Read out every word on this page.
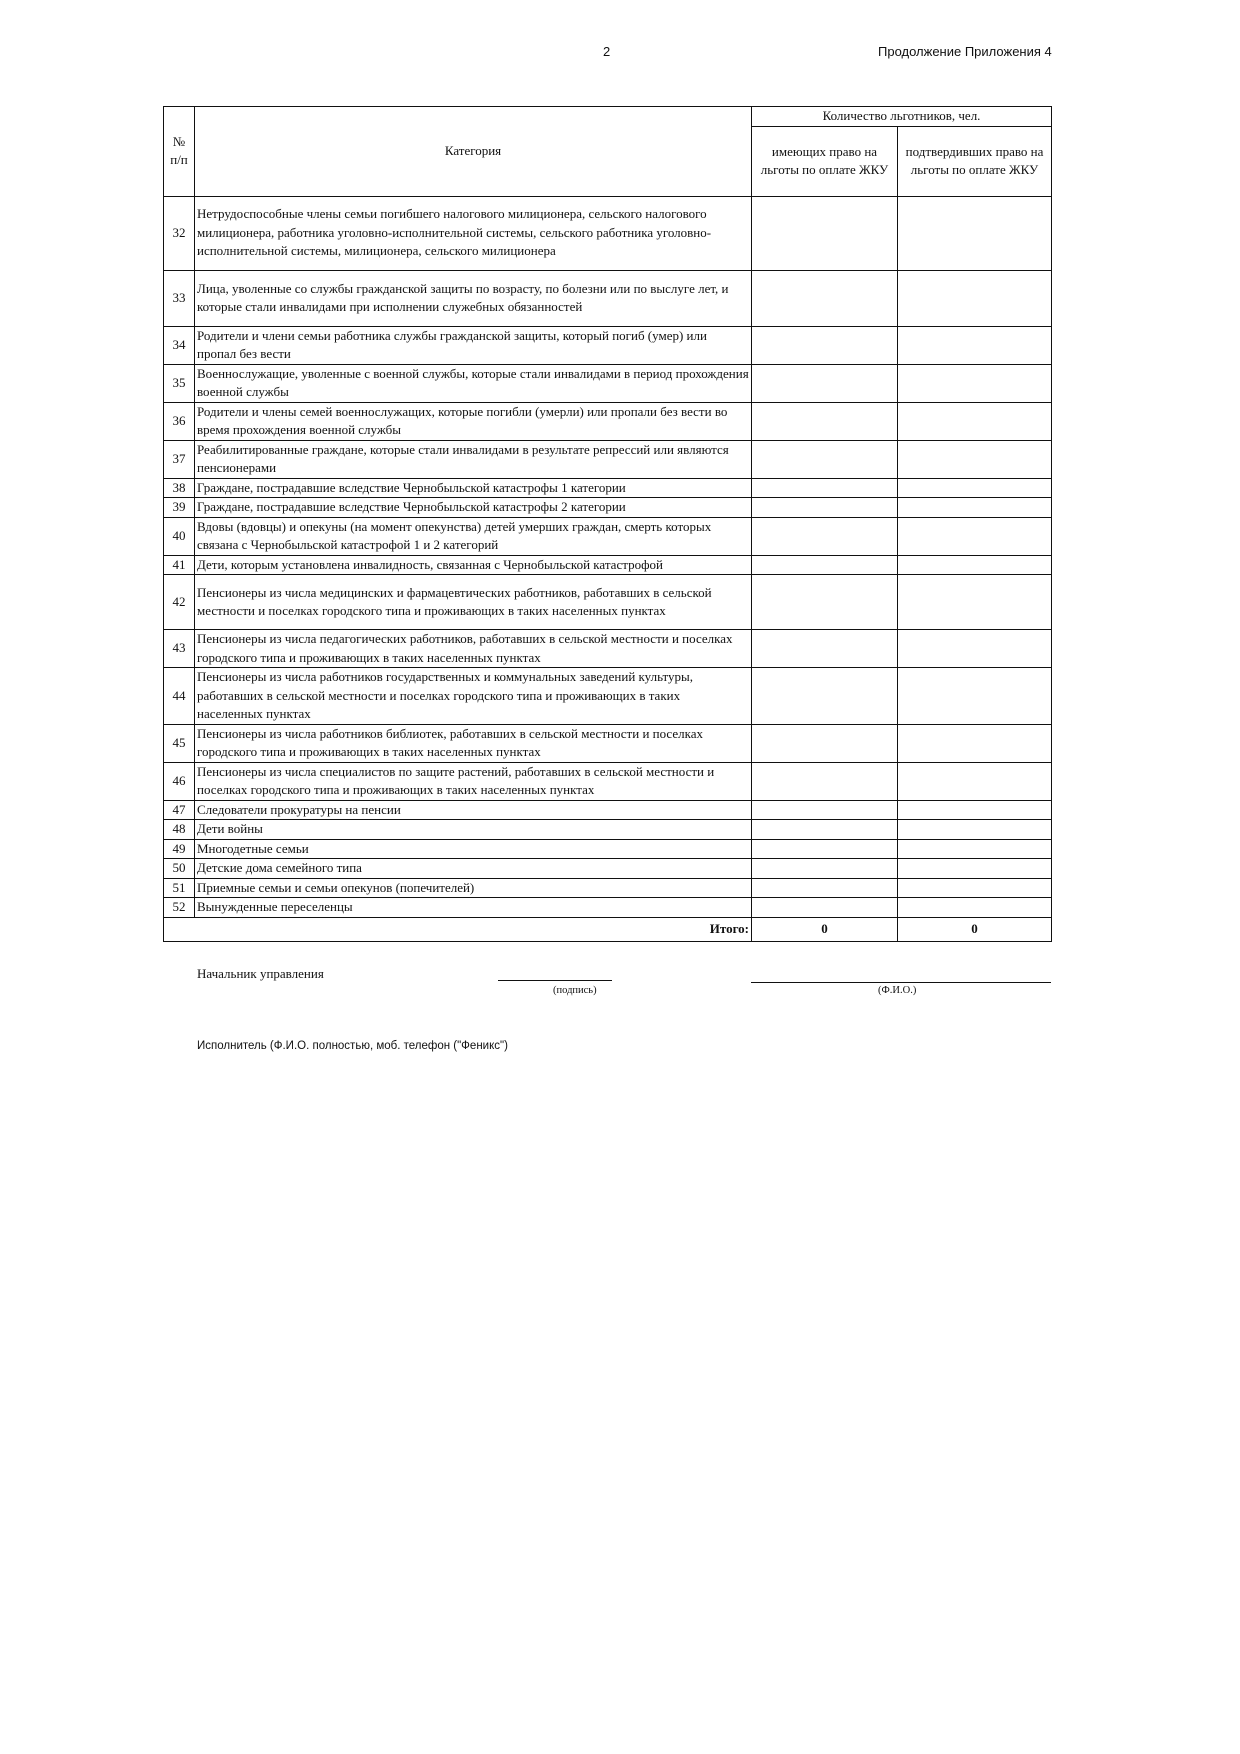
2	Продолжение Приложения 4
№ п/п	Категория	Количество льготников, чел.	
		имеющих право на льготы по оплате ЖКУ	подтвердивших право на льготы по оплате ЖКУ
32	Нетрудоспособные члены семьи погибшего налогового милиционера, сельского налогового милиционера, работника уголовно-исполнительной системы, сельского работника уголовно-исполнительной системы, милиционера, сельского милиционера		
33	Лица, уволенные со службы гражданской защиты по возрасту, по болезни или по выслуге лет, и которые стали инвалидами при исполнении служебных обязанностей		
34	Родители и члени семьи работника службы гражданской защиты, который погиб (умер) или пропал без вести		
35	Военнослужащие, уволенные с военной службы, которые стали инвалидами в период прохождения военной службы		
36	Родители и члены семей военнослужащих, которые погибли (умерли) или пропали без вести во время прохождения военной службы		
37	Реабилитированные граждане, которые стали инвалидами в результате репрессий или являются пенсионерами		
38	Граждане, пострадавшие вследствие Чернобыльской катастрофы 1 категории		
39	Граждане, пострадавшие вследствие Чернобыльской катастрофы 2 категории		
40	Вдовы (вдовцы) и опекуны (на момент опекунства) детей умерших граждан, смерть которых связана с Чернобыльской катастрофой 1 и 2 категорий		
41	Дети, которым установлена инвалидность, связанная с Чернобыльской катастрофой		
42	Пенсионеры из числа медицинских и фармацевтических работников, работавших в сельской местности и поселках городского типа и проживающих в таких населенных пунктах		
43	Пенсионеры из числа педагогических работников, работавших в сельской местности и поселках городского типа и проживающих в таких населенных пунктах		
44	Пенсионеры из числа работников государственных и коммунальных заведений культуры, работавших в сельской местности и поселках городского типа и проживающих в таких населенных пунктах		
45	Пенсионеры из числа работников библиотек, работавших в сельской местности и поселках городского типа и проживающих в таких населенных пунктах		
46	Пенсионеры из числа специалистов по защите растений, работавших в сельской местности и поселках городского типа и проживающих в таких населенных пунктах		
47	Следователи прокуратуры на пенсии		
48	Дети войны		
49	Многодетные семьи		
50	Детские дома семейного типа		
51	Приемные семьи и семьи опекунов (попечителей)		
52	Вынужденные переселенцы		
Итого:		0	0
Начальник управления
(подпись)	(Ф.И.О.)
Исполнитель (Ф.И.О. полностью, моб. телефон ("Феникс")
